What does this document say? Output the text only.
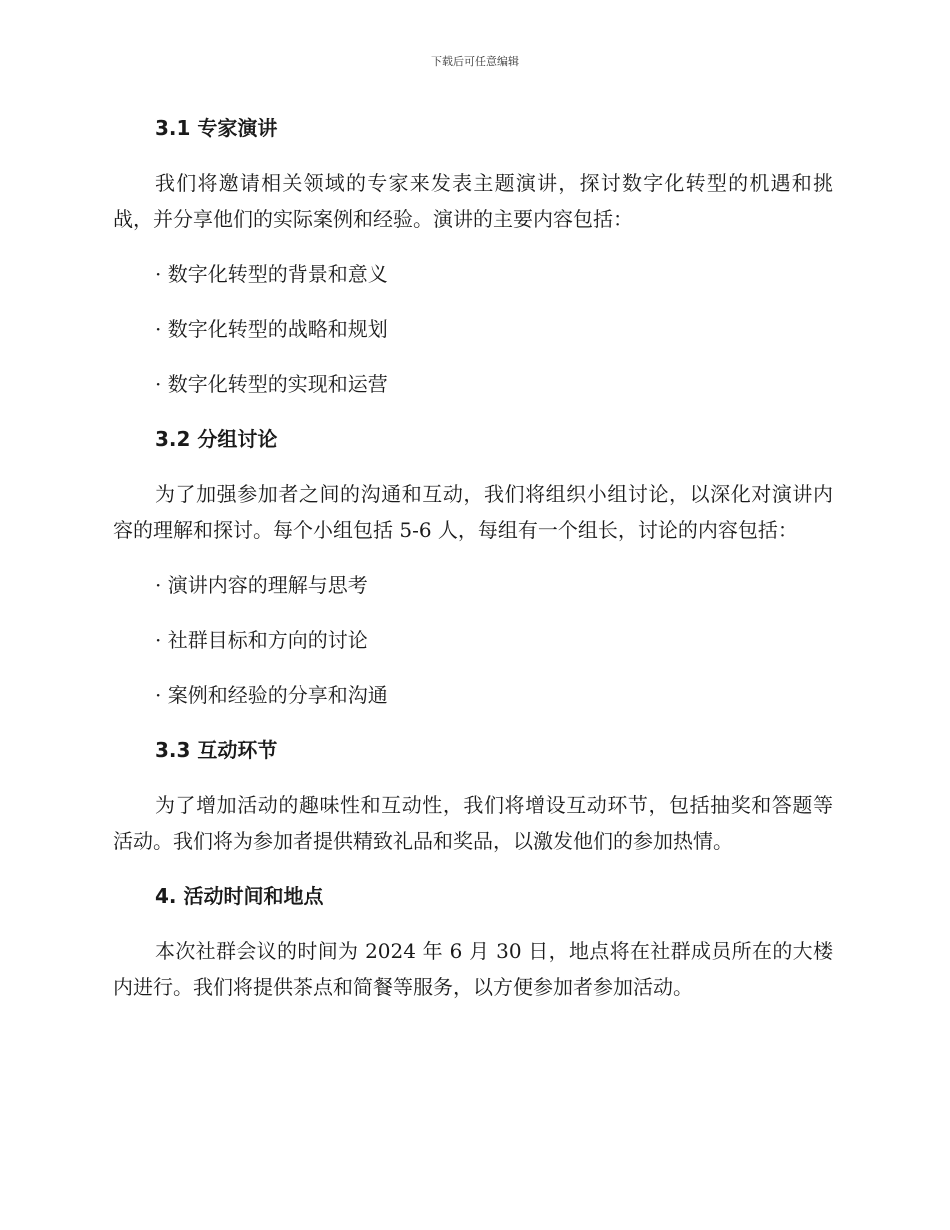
下载后可任意编辑
3.1 专家演讲

我们将邀请相关领域的专家来发表主题演讲，探讨数字化转型的机遇和挑战，并分享他们的实际案例和经验。演讲的主要内容包括：

· 数字化转型的背景和意义

· 数字化转型的战略和规划

· 数字化转型的实现和运营

3.2 分组讨论

为了加强参加者之间的沟通和互动，我们将组织小组讨论，以深化对演讲内容的理解和探讨。每个小组包括 5-6 人，每组有一个组长，讨论的内容包括：

· 演讲内容的理解与思考

· 社群目标和方向的讨论

· 案例和经验的分享和沟通

3.3 互动环节

为了增加活动的趣味性和互动性，我们将增设互动环节，包括抽奖和答题等活动。我们将为参加者提供精致礼品和奖品，以激发他们的参加热情。

4. 活动时间和地点

本次社群会议的时间为 2024 年 6 月 30 日，地点将在社群成员所在的大楼内进行。我们将提供茶点和简餐等服务，以方便参加者参加活动。
